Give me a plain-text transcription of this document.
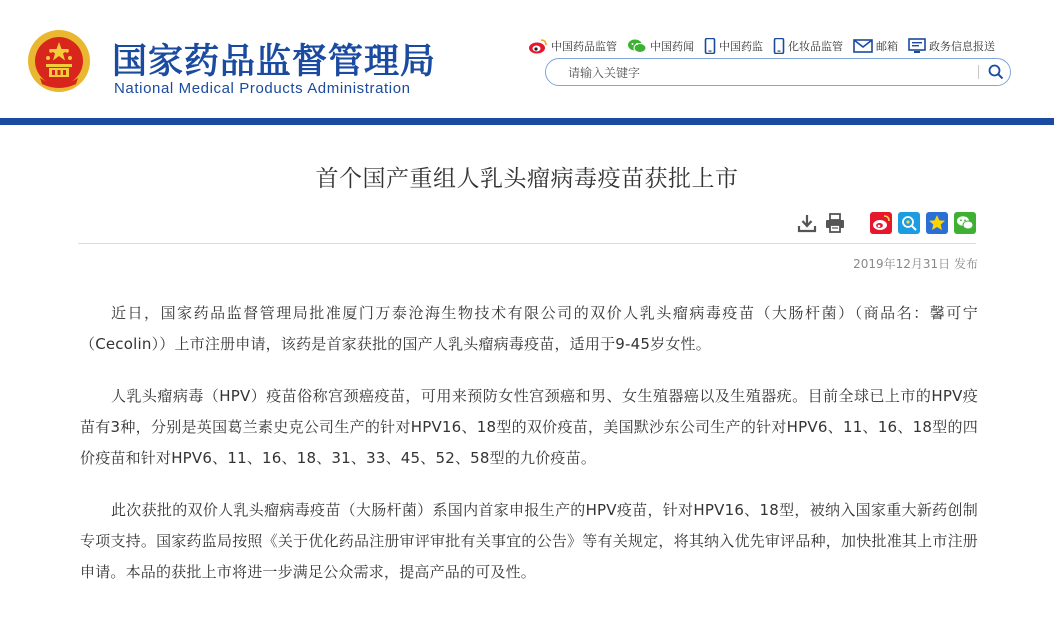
国家药品监督管理局
National Medical Products Administration
中国药品监管	中国药闻 中国药监 化妆品监管	邮箱	政务信息报送
请输入关键字
首个国产重组人乳头瘤病毒疫苗获批上市
2019年12月31日 发布

近日，国家药品监督管理局批准厦门万泰沧海生物技术有限公司的双价人乳头瘤病毒疫苗（大肠杆菌）（商品名：馨可宁（Cecolin））上市注册申请，该药是首家获批的国产人乳头瘤病毒疫苗，适用于9-45岁女性。

人乳头瘤病毒（HPV）疫苗俗称宫颈癌疫苗，可用来预防女性宫颈癌和男、女生殖器癌以及生殖器疣。目前全球已上市的HPV疫苗有3种，分别是英国葛兰素史克公司生产的针对HPV16、18型的双价疫苗，美国默沙东公司生产的针对HPV6、11、16、18型的四价疫苗和针对HPV6、11、16、18、31、33、45、52、58型的九价疫苗。

此次获批的双价人乳头瘤病毒疫苗（大肠杆菌）系国内首家申报生产的HPV疫苗，针对HPV16、18型，被纳入国家重大新药创制专项支持。国家药监局按照《关于优化药品注册审评审批有关事宜的公告》等有关规定，将其纳入优先审评品种，加快批准其上市注册申请。本品的获批上市将进一步满足公众需求，提高产品的可及性。
